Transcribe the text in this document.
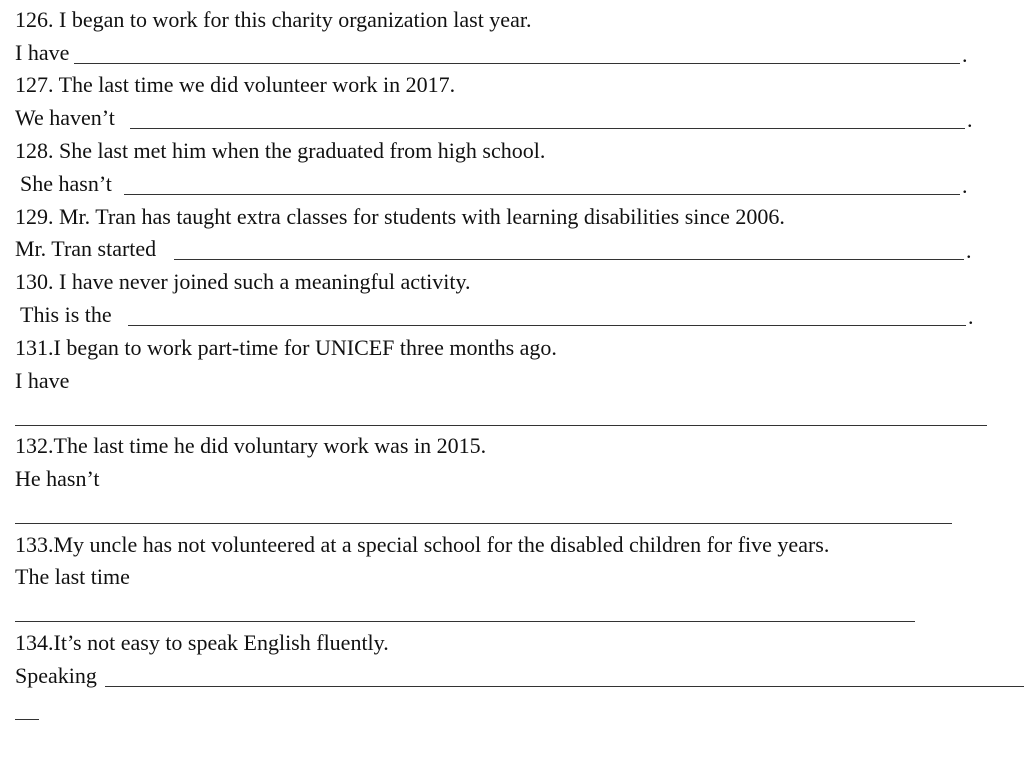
126. I began to work for this charity organization last year.
I have	.
127. The last time we did volunteer work in 2017.
We haven’t	.
128. She last met him when the graduated from high school.
She hasn’t	.
129. Mr. Tran has taught extra classes for students with learning disabilities since 2006.
Mr. Tran started	.
130. I have never joined such a meaningful activity.
This is the	.
131.I began to work part-time for UNICEF three months ago.
I have
132.The last time he did voluntary work was in 2015.
He hasn’t
133.My uncle has not volunteered at a special school for the disabled children for five years.
The last time
134.It’s not easy to speak English fluently.
Speaking
